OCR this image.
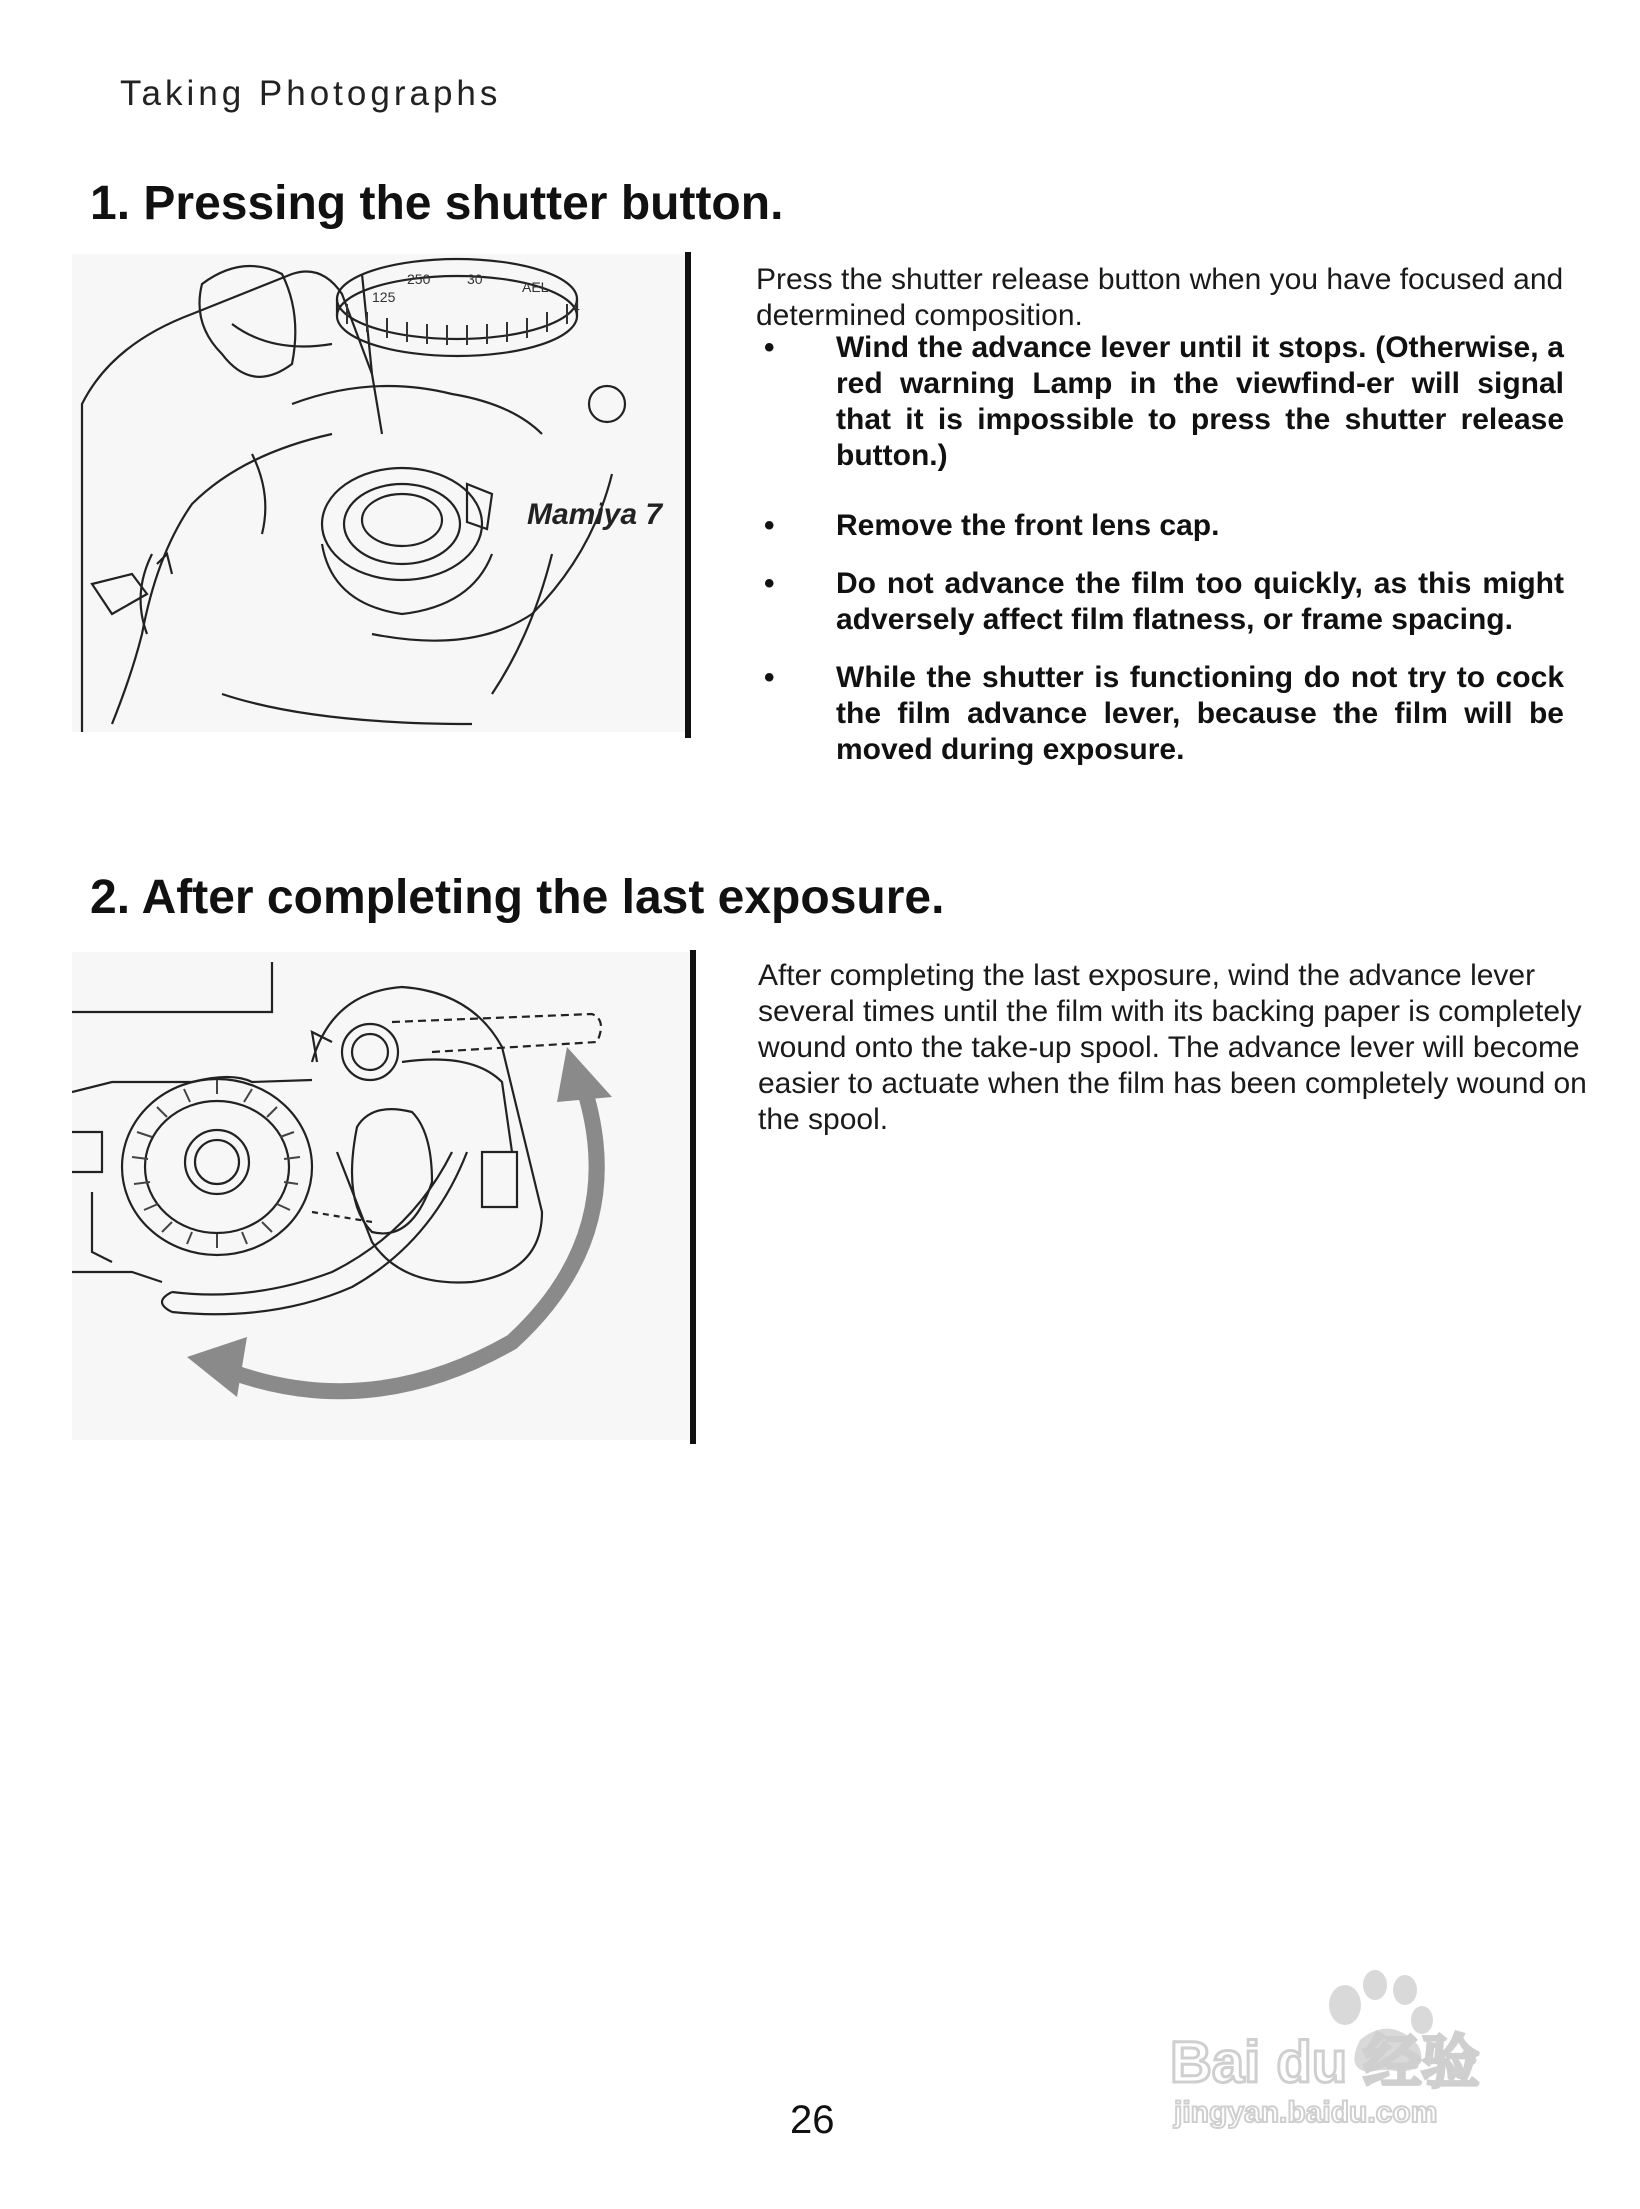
Taking Photographs
1. Pressing the shutter button.
250	30	AEL
125
4
Mamiya 7

Press the shutter release button when you have focused and determined composition.

• Wind the advance lever until it stops. (Otherwise, a red warning Lamp in the viewfind-er will signal that it is impossible to press the shutter release button.)
• Remove the front lens cap.
• Do not advance the film too quickly, as this might adversely affect film flatness, or frame spacing.
• While the shutter is functioning do not try to cock the film advance lever, because the film will be moved during exposure.
2. After completing the last exposure.

After completing the last exposure, wind the advance lever several times until the film with its backing paper is completely wound onto the take-up spool. The advance lever will become easier to actuate when the film has been completely wound on the spool.

Bai du 经验
jingyan.baidu.com
26
